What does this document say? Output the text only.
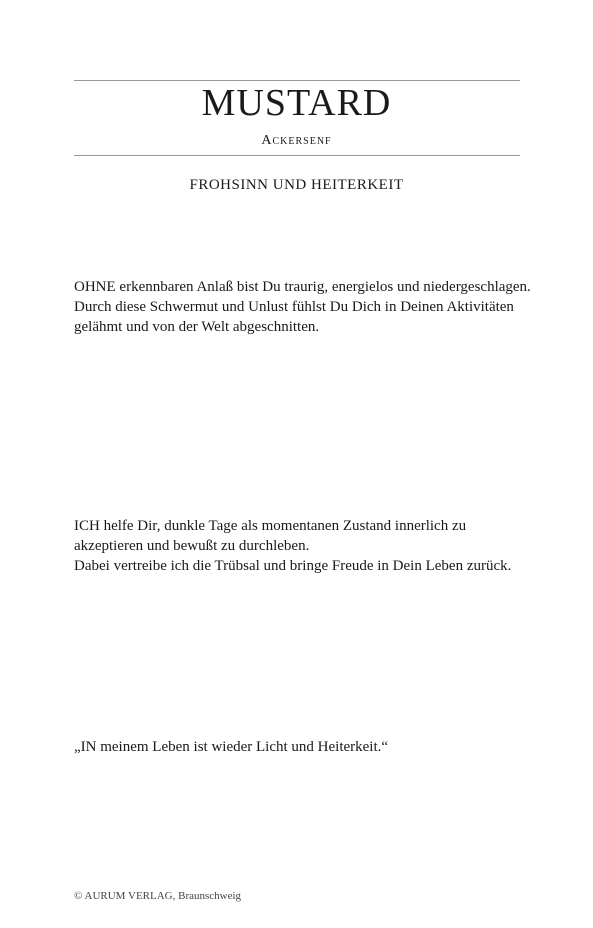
MUSTARD
Ackersenf
FROHSINN UND HEITERKEIT

OHNE erkennbaren Anlaß bist Du traurig, energielos und niedergeschlagen.

Durch diese Schwermut und Unlust fühlst Du Dich in Deinen Aktivitäten gelähmt und von der Welt abgeschnitten.

ICH helfe Dir, dunkle Tage als momentanen Zustand innerlich zu akzeptieren und bewußt zu durchleben.

Dabei vertreibe ich die Trübsal und bringe Freude in Dein Leben zurück.

„IN meinem Leben ist wieder Licht und Heiterkeit.“
© AURUM VERLAG, Braunschweig
